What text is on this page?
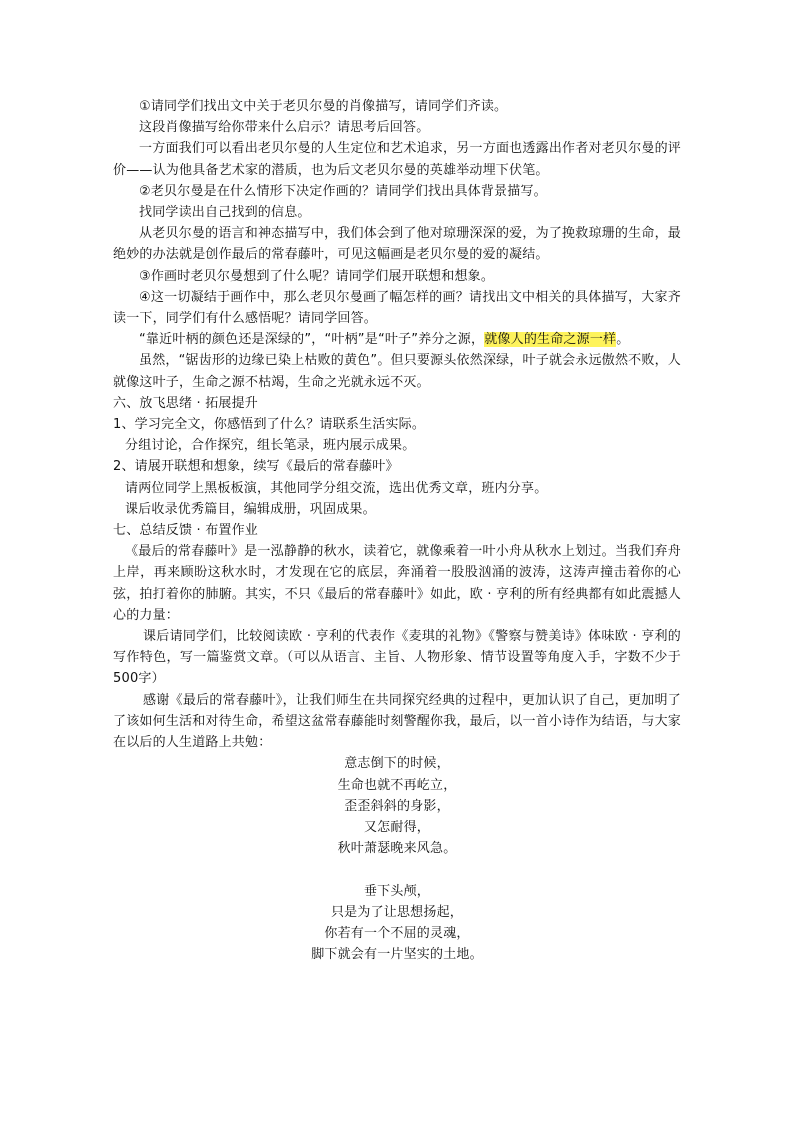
①请同学们找出文中关于老贝尔曼的肖像描写，请同学们齐读。

这段肖像描写给你带来什么启示？请思考后回答。

一方面我们可以看出老贝尔曼的人生定位和艺术追求，另一方面也透露出作者对老贝尔曼的评价——认为他具备艺术家的潜质，也为后文老贝尔曼的英雄举动埋下伏笔。

②老贝尔曼是在什么情形下决定作画的？请同学们找出具体背景描写。

找同学读出自己找到的信息。

从老贝尔曼的语言和神态描写中，我们体会到了他对琼珊深深的爱，为了挽救琼珊的生命，最绝妙的办法就是创作最后的常春藤叶，可见这幅画是老贝尔曼的爱的凝结。

③作画时老贝尔曼想到了什么呢？请同学们展开联想和想象。

④这一切凝结于画作中，那么老贝尔曼画了幅怎样的画？请找出文中相关的具体描写，大家齐读一下，同学们有什么感悟呢？请同学回答。

“靠近叶柄的颜色还是深绿的”，“叶柄”是“叶子”养分之源，就像人的生命之源一样。

虽然，“锯齿形的边缘已染上枯败的黄色”。但只要源头依然深绿，叶子就会永远傲然不败，人就像这叶子，生命之源不枯竭，生命之光就永远不灭。

六、放飞思绪 · 拓展提升

1、学习完全文，你感悟到了什么？请联系生活实际。

分组讨论，合作探究，组长笔录，班内展示成果。

2、请展开联想和想象，续写《最后的常春藤叶》

请两位同学上黑板板演，其他同学分组交流，选出优秀文章，班内分享。

课后收录优秀篇目，编辑成册，巩固成果。

七、总结反馈 · 布置作业

《最后的常春藤叶》是一泓静静的秋水，读着它，就像乘着一叶小舟从秋水上划过。当我们弃舟上岸，再来顾盼这秋水时，才发现在它的底层，奔涌着一股股汹涌的波涛，这涛声撞击着你的心弦，拍打着你的肺腑。其实，不只《最后的常春藤叶》如此，欧 · 亨利的所有经典都有如此震撼人心的力量：

课后请同学们，比较阅读欧 · 亨利的代表作《麦琪的礼物》《警察与赞美诗》体味欧 · 亨利的写作特色，写一篇鉴赏文章。（可以从语言、主旨、人物形象、情节设置等角度入手，字数不少于 500字）

感谢《最后的常春藤叶》，让我们师生在共同探究经典的过程中，更加认识了自己，更加明了了该如何生活和对待生命，希望这盆常春藤能时刻警醒你我，最后，以一首小诗作为结语，与大家在以后的人生道路上共勉：

意志倒下的时候，

生命也就不再屹立，

歪歪斜斜的身影，

又怎耐得，

秋叶萧瑟晚来风急。

垂下头颅，

只是为了让思想扬起，

你若有一个不屈的灵魂，

脚下就会有一片坚实的土地。
